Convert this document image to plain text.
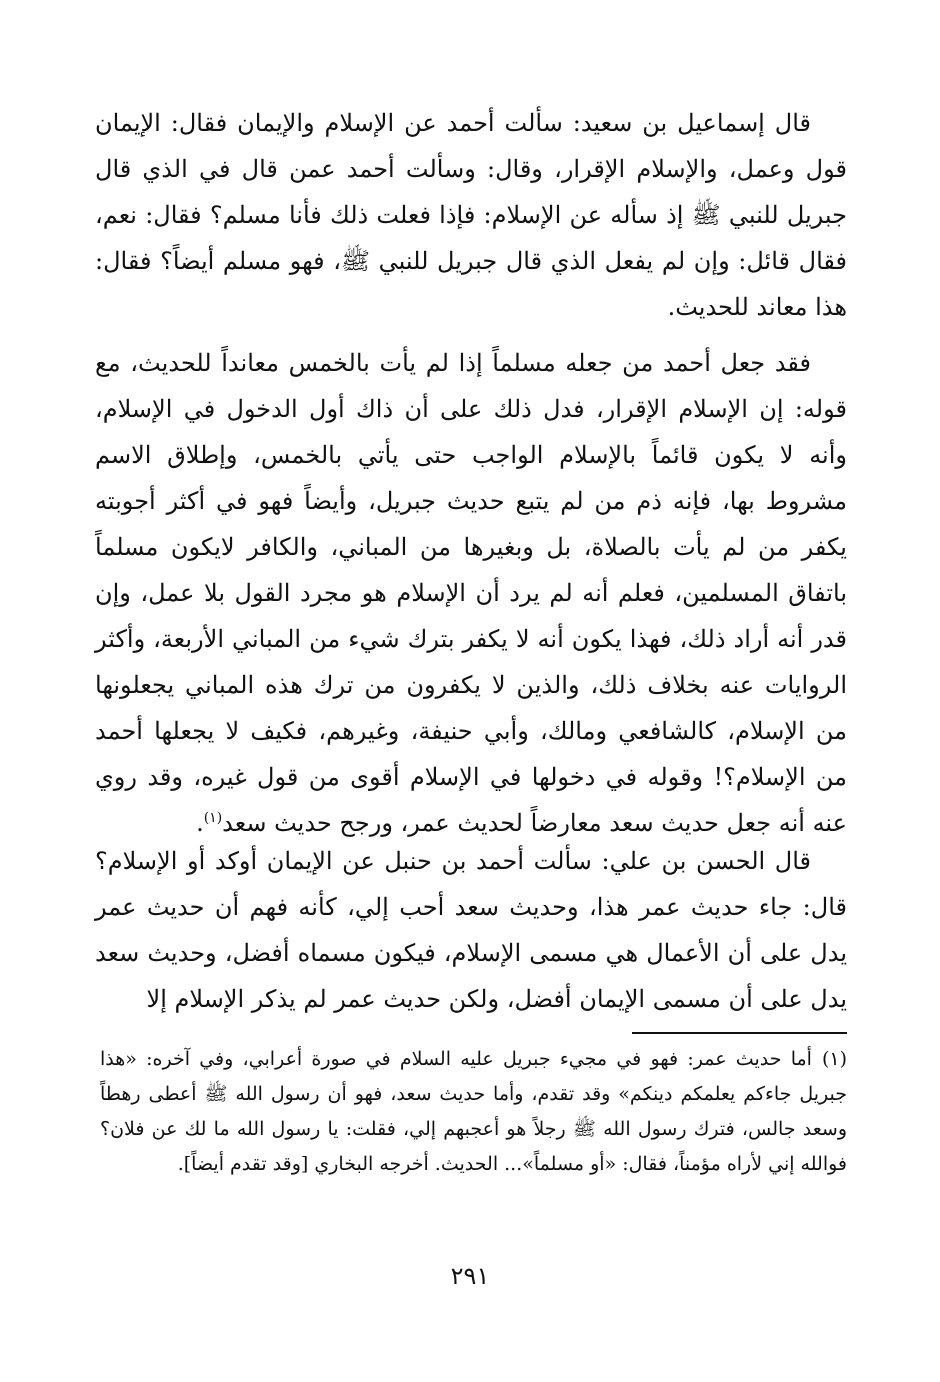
قال إسماعيل بن سعيد: سألت أحمد عن الإسلام والإيمان فقال: الإيمان قول وعمل، والإسلام الإقرار، وقال: وسألت أحمد عمن قال في الذي قال جبريل للنبي ﷺ إذ سأله عن الإسلام: فإذا فعلت ذلك فأنا مسلم؟ فقال: نعم، فقال قائل: وإن لم يفعل الذي قال جبريل للنبي ﷺ، فهو مسلم أيضاً؟ فقال: هذا معاند للحديث.

فقد جعل أحمد من جعله مسلماً إذا لم يأت بالخمس معانداً للحديث، مع قوله: إن الإسلام الإقرار، فدل ذلك على أن ذاك أول الدخول في الإسلام، وأنه لا يكون قائماً بالإسلام الواجب حتى يأتي بالخمس، وإطلاق الاسم مشروط بها، فإنه ذم من لم يتبع حديث جبريل، وأيضاً فهو في أكثر أجوبته يكفر من لم يأت بالصلاة، بل وبغيرها من المباني، والكافر لايكون مسلماً باتفاق المسلمين، فعلم أنه لم يرد أن الإسلام هو مجرد القول بلا عمل، وإن قدر أنه أراد ذلك، فهذا يكون أنه لا يكفر بترك شيء من المباني الأربعة، وأكثر الروايات عنه بخلاف ذلك، والذين لا يكفرون من ترك هذه المباني يجعلونها من الإسلام، كالشافعي ومالك، وأبي حنيفة، وغيرهم، فكيف لا يجعلها أحمد من الإسلام؟! وقوله في دخولها في الإسلام أقوى من قول غيره، وقد روي عنه أنه جعل حديث سعد معارضاً لحديث عمر، ورجح حديث سعد$^{(١)}$.

قال الحسن بن علي: سألت أحمد بن حنبل عن الإيمان أوكد أو الإسلام؟ قال: جاء حديث عمر هذا، وحديث سعد أحب إلي، كأنه فهم أن حديث عمر يدل على أن الأعمال هي مسمى الإسلام، فيكون مسماه أفضل، وحديث سعد يدل على أن مسمى الإيمان أفضل، ولكن حديث عمر لم يذكر الإسلام إلا

(١)أما حديث عمر: فهو في مجيء جبريل عليه السلام في صورة أعرابي، وفي آخره: «هذا جبريل جاءكم يعلمكم دينكم» وقد تقدم، وأما حديث سعد، فهو أن رسول الله ﷺ أعطى رهطاً وسعد جالس، فترك رسول الله ﷺ رجلاً هو أعجبهم إلي، فقلت: يا رسول الله ما لك عن فلان؟ فوالله إني لأراه مؤمناً، فقال: «أو مسلماً»... الحديث. أخرجه البخاري [وقد تقدم أيضاً].

٢٩١
